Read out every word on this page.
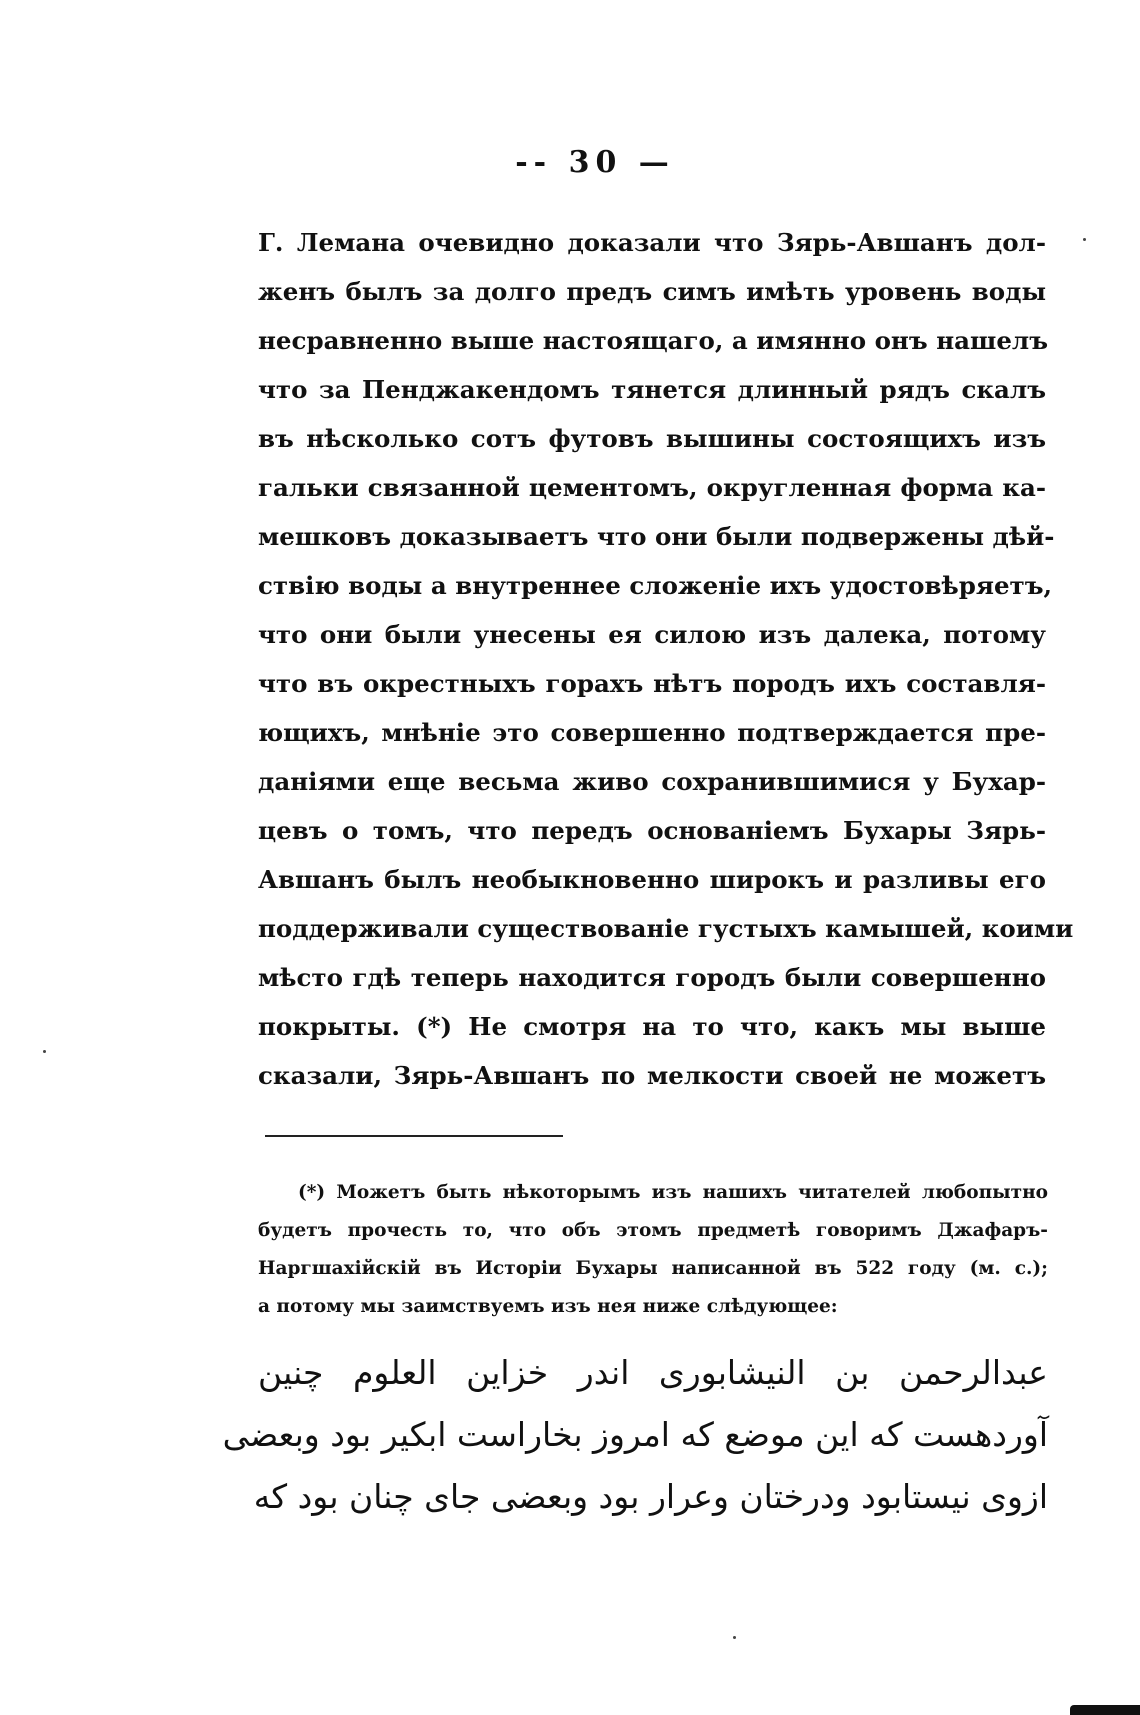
-- 30 —
Г. Лемана очевидно доказали что Зярь-Авшанъ дол-
женъ былъ за долго предъ симъ имѣть уровень воды
несравненно выше настоящаго, а имянно онъ нашелъ
что за Пенджакендомъ тянется длинный рядъ скалъ
въ нѣсколько сотъ футовъ вышины состоящихъ изъ
гальки связанной цементомъ, округленная форма ка-
мешковъ доказываетъ что они были подвержены дѣй-
ствію воды а внутреннее сложеніе ихъ удостовѣряетъ,
что они были унесены ея силою изъ далека, потому
что въ окрестныхъ горахъ нѣтъ породъ ихъ составля-
ющихъ, мнѣніе это совершенно подтверждается пре-
даніями еще весьма живо сохранившимися у Бухар-
цевъ о томъ, что передъ основаніемъ Бухары Зярь-
Авшанъ былъ необыкновенно широкъ и разливы его
поддерживали существованіе густыхъ камышей, коими
мѣсто гдѣ теперь находится городъ были совершенно
покрыты. (*) Не смотря на то что, какъ мы выше
сказали, Зярь-Авшанъ по мелкости своей не можетъ
(*) Можетъ быть нѣкоторымъ изъ нашихъ читателей любопытно
будетъ прочесть то, что объ этомъ предметѣ говоримъ Джафаръ-
Наргшахійскій въ Исторіи Бухары написанной въ 522 году (м. с.);
а потому мы заимствуемъ изъ нея ниже слѣдующее:
عبدالرحمن بن النيشابورى اندر خزاين العلوم چنين
آوردهست كه اين موضع كه امروز بخاراست ابكير بود وبعضى
ازوى نيستابود ودرختان وعرار بود وبعضى جاى چنان بود كه
